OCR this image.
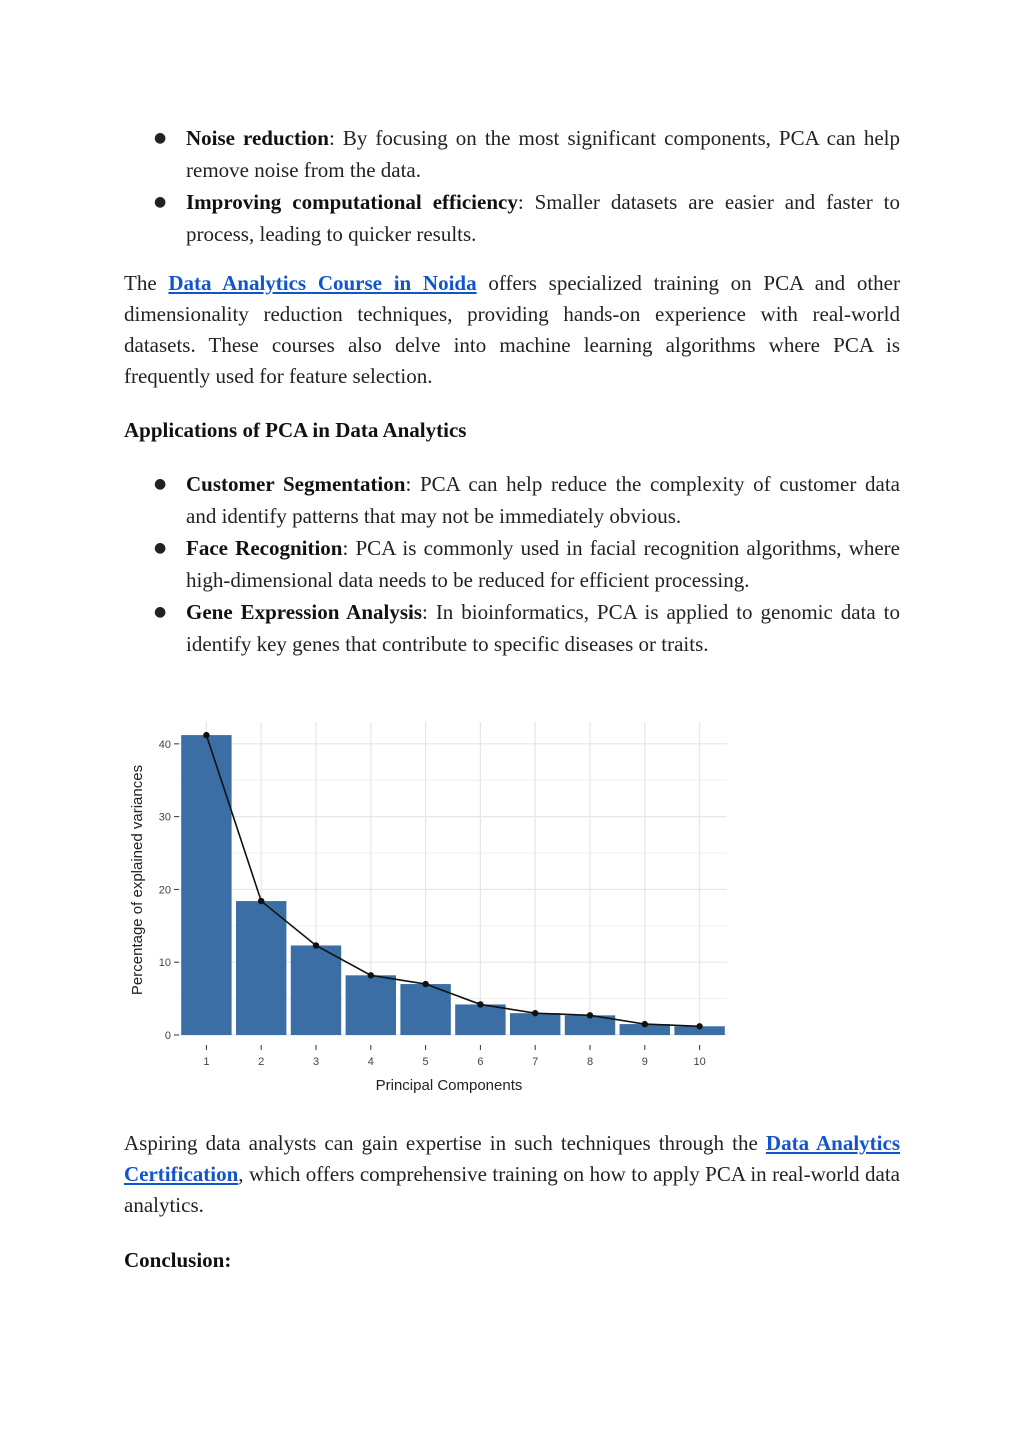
● Noise reduction: By focusing on the most significant components, PCA can help remove noise from the data.
● Improving computational efficiency: Smaller datasets are easier and faster to process, leading to quicker results.

The Data Analytics Course in Noida offers specialized training on PCA and other dimensionality reduction techniques, providing hands-on experience with real-world datasets. These courses also delve into machine learning algorithms where PCA is frequently used for feature selection.

Applications of PCA in Data Analytics
● Customer Segmentation: PCA can help reduce the complexity of customer data and identify patterns that may not be immediately obvious.
● Face Recognition: PCA is commonly used in facial recognition algorithms, where high-dimensional data needs to be reduced for efficient processing.
● Gene Expression Analysis: In bioinformatics, PCA is applied to genomic data to identify key genes that contribute to specific diseases or traits.
Percentage of explained variances
Principal Components
0
10
20
30
40
1	2	3	4	5	6	7	8	9	10

Aspiring data analysts can gain expertise in such techniques through the Data Analytics Certification, which offers comprehensive training on how to apply PCA in real-world data analytics.

Conclusion:
